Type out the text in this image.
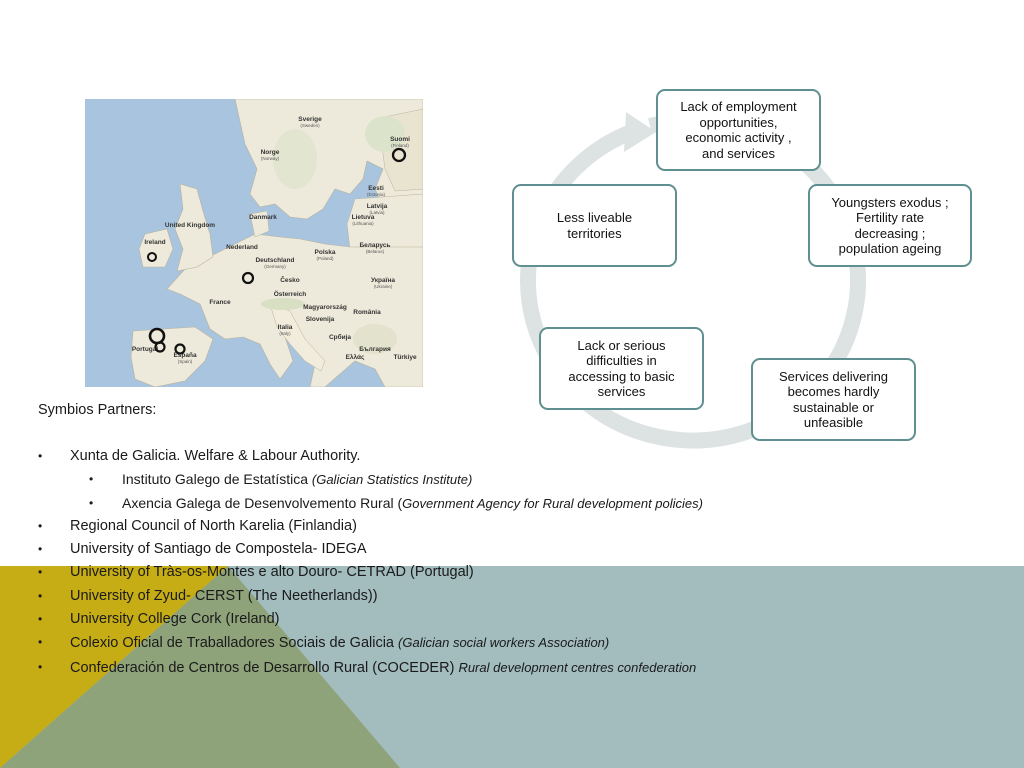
Sverige
(Sweden)
Suomi
(Finland)
Norge
(Norway)
Eesti
(Estonia)
Latvija
(Latvia)
Lietuva
(Lithuania)
Danmark
United Kingdom
Ireland
Nederland
Deutschland
(Germany)
Polska
(Poland)
Беларусь
(Belarus)
France
Česko	Україна
(Ukraine)
Österreich
Magyarország
Slovenija
România
Italia
(Italy)
Србија
България
Portugal
España
(Spain)
Ελλάς	Türkiye
Lack of employment
opportunities,
economic activity ,
and services
Youngsters exodus ;
Fertility rate
decreasing ;
population ageing
Services delivering
becomes hardly
sustainable or
unfeasible
Lack or serious
difficulties in
accessing to basic
services
Less liveable
territories
Symbios Partners:
• Xunta de Galicia. Welfare & Labour Authority.
• Instituto Galego de Estatística (Galician Statistics Institute)
• Axencia Galega de Desenvolvemento Rural (Government Agency for Rural development policies)
• Regional Council of North Karelia (Finlandia)
• University of Santiago de Compostela- IDEGA
• University of Tràs-os-Montes e alto Douro- CETRAD (Portugal)
• University of Zyud- CERST (The Neetherlands))
• University College Cork (Ireland)
• Colexio Oficial de Traballadores Sociais de Galicia (Galician social workers Association)
• Confederación de Centros de Desarrollo Rural (COCEDER) Rural development centres confederation
